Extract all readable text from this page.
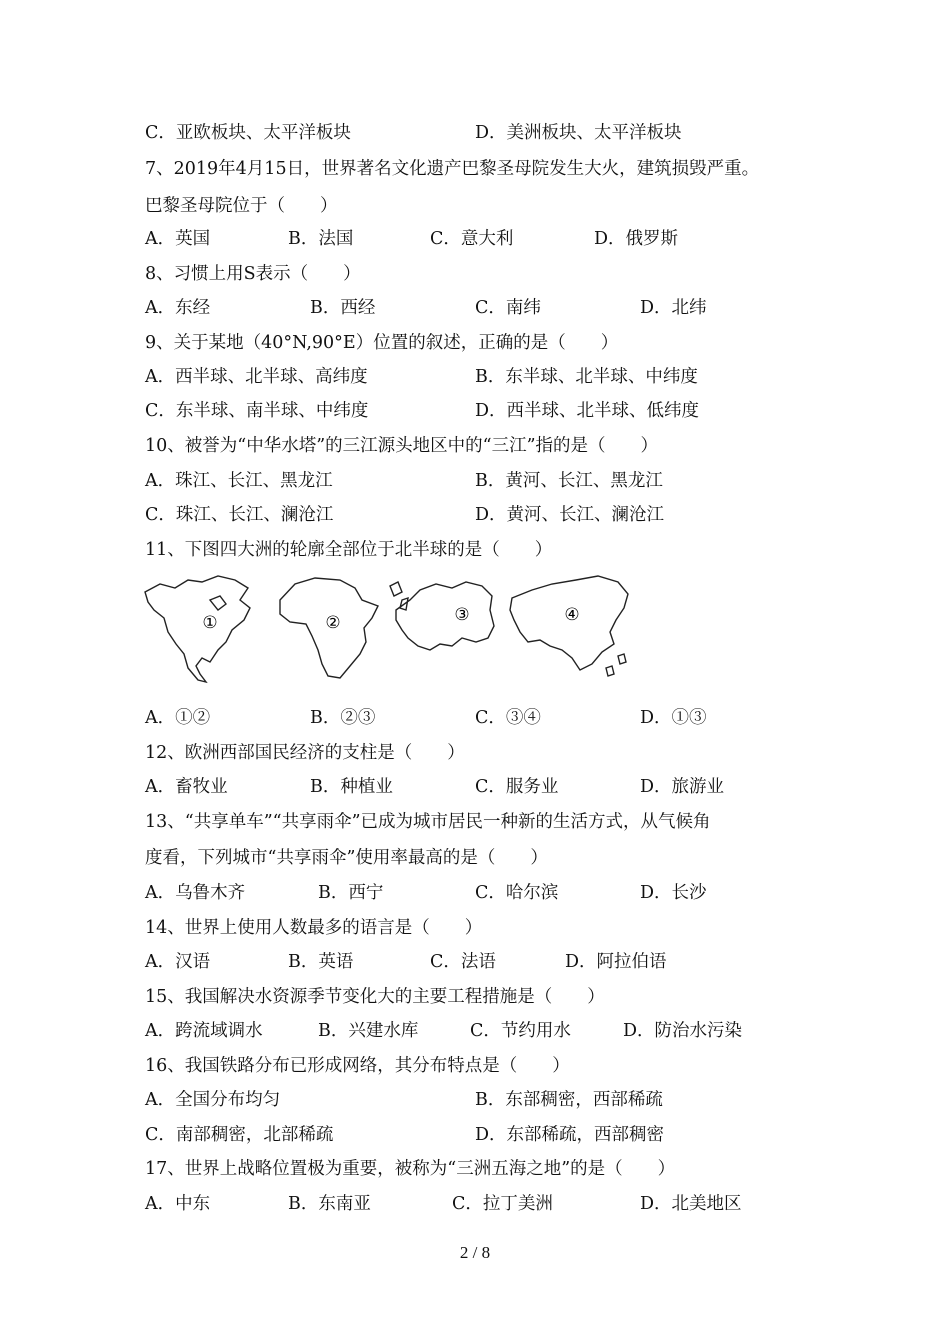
C．亚欧板块、太平洋板块	D．美洲板块、太平洋板块
7、2019年4月15日，世界著名文化遗产巴黎圣母院发生大火，建筑损毁严重。
巴黎圣母院位于（　　）
A．英国	B．法国	C．意大利	D．俄罗斯
8、习惯上用S表示（　　）
A．东经	B．西经	C．南纬	D．北纬
9、关于某地（40°N,90°E）位置的叙述，正确的是（　　）
A．西半球、北半球、高纬度	B．东半球、北半球、中纬度
C．东半球、南半球、中纬度	D．西半球、北半球、低纬度
10、被誉为“中华水塔”的三江源头地区中的“三江”指的是（　　）
A．珠江、长江、黑龙江	B．黄河、长江、黑龙江
C．珠江、长江、澜沧江	D．黄河、长江、澜沧江
11、下图四大洲的轮廓全部位于北半球的是（　　）
①	②	③	④
A．①②	B．②③	C．③④	D．①③
12、欧洲西部国民经济的支柱是（　　）
A．畜牧业	B．种植业	C．服务业	D．旅游业
13、“共享单车”“共享雨伞”已成为城市居民一种新的生活方式，从气候角
度看，下列城市“共享雨伞”使用率最高的是（　　）
A．乌鲁木齐	B．西宁	C．哈尔滨	D．长沙
14、世界上使用人数最多的语言是（　　）
A．汉语	B．英语	C．法语	D．阿拉伯语
15、我国解决水资源季节变化大的主要工程措施是（　　）
A．跨流域调水	B．兴建水库	C．节约用水	D．防治水污染
16、我国铁路分布已形成网络，其分布特点是（　　）
A．全国分布均匀	B．东部稠密，西部稀疏
C．南部稠密，北部稀疏	D．东部稀疏，西部稠密
17、世界上战略位置极为重要，被称为“三洲五海之地”的是（　　）
A．中东	B．东南亚	C．拉丁美洲	D．北美地区
2 / 8
